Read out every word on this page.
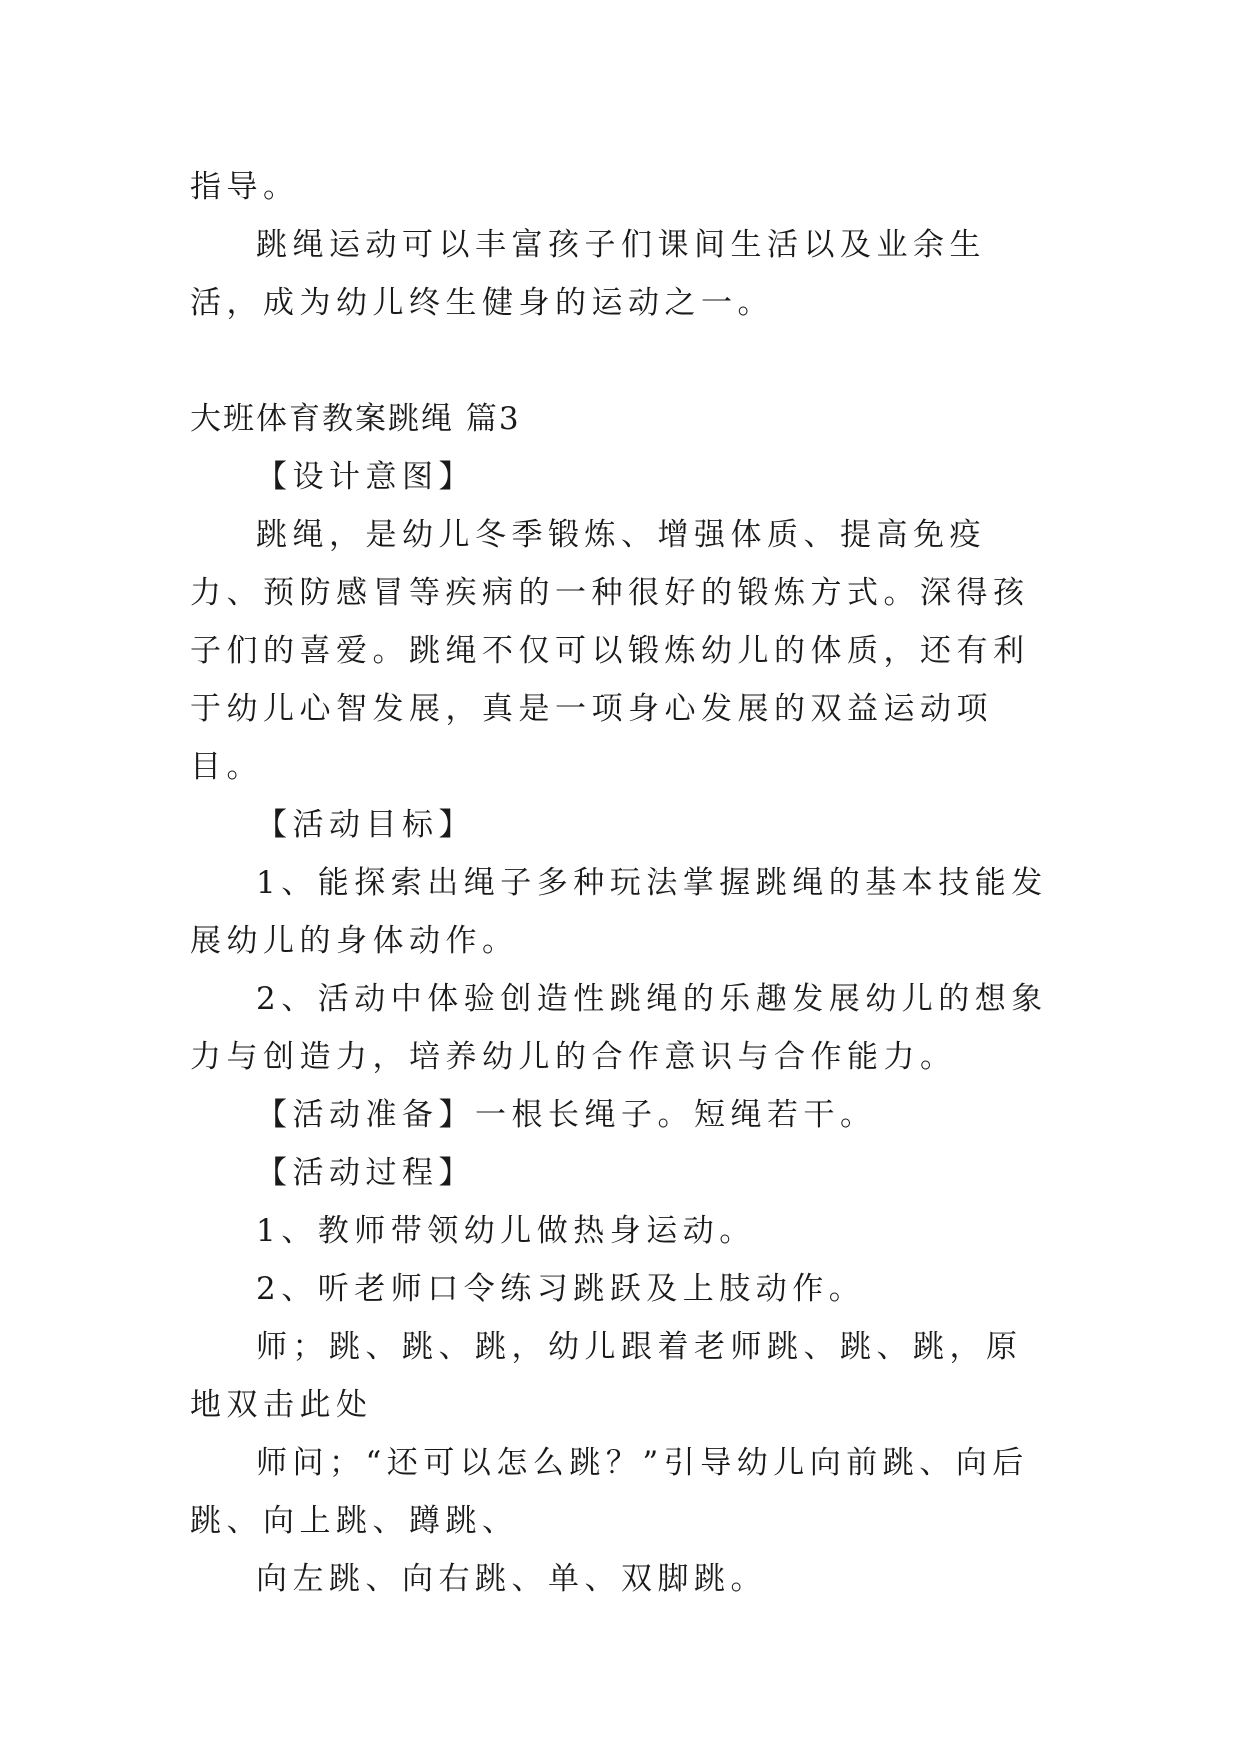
指导。

跳绳运动可以丰富孩子们课间生活以及业余生活，成为幼儿终生健身的运动之一。

大班体育教案跳绳 篇3

【设计意图】

跳绳，是幼儿冬季锻炼、增强体质、提高免疫力、预防感冒等疾病的一种很好的锻炼方式。深得孩子们的喜爱。跳绳不仅可以锻炼幼儿的体质，还有利于幼儿心智发展，真是一项身心发展的双益运动项目。

【活动目标】

1、能探索出绳子多种玩法掌握跳绳的基本技能发展幼儿的身体动作。

2、活动中体验创造性跳绳的乐趣发展幼儿的想象力与创造力，培养幼儿的合作意识与合作能力。

【活动准备】一根长绳子。短绳若干。

【活动过程】

1、教师带领幼儿做热身运动。

2、听老师口令练习跳跃及上肢动作。

师；跳、跳、跳，幼儿跟着老师跳、跳、跳，原地双击此处

师问；“还可以怎么跳？”引导幼儿向前跳、向后跳、向上跳、蹲跳、

向左跳、向右跳、单、双脚跳。
